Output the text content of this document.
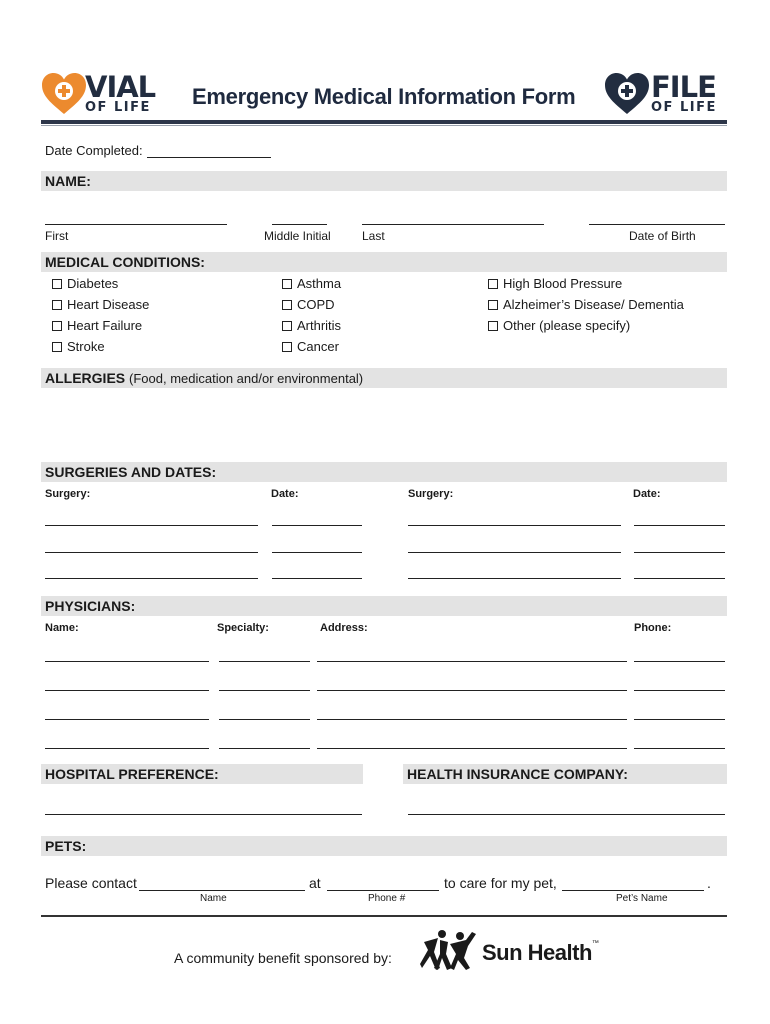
VIAL
OF LIFE Emergency Medical Information Form	FILE
OF LIFE
Date Completed:
NAME:
First	Middle Initial	Last	Date of Birth
MEDICAL CONDITIONS:
Diabetes
Heart Disease
Heart Failure
Stroke
Asthma
COPD
Arthritis
Cancer
High Blood Pressure
Alzheimer’s Disease/ Dementia
Other (please specify)
ALLERGIES (Food, medication and/or environmental)
SURGERIES AND DATES:
Surgery:	Date:	Surgery:	Date:
PHYSICIANS:
Name:	Specialty:	Address:	Phone:
HOSPITAL PREFERENCE:	HEALTH INSURANCE COMPANY:
PETS:
Please contact	at	to care for my pet,	.
Name	Phone #	Pet’s Name
A community benefit sponsored by:	Sun Health™
